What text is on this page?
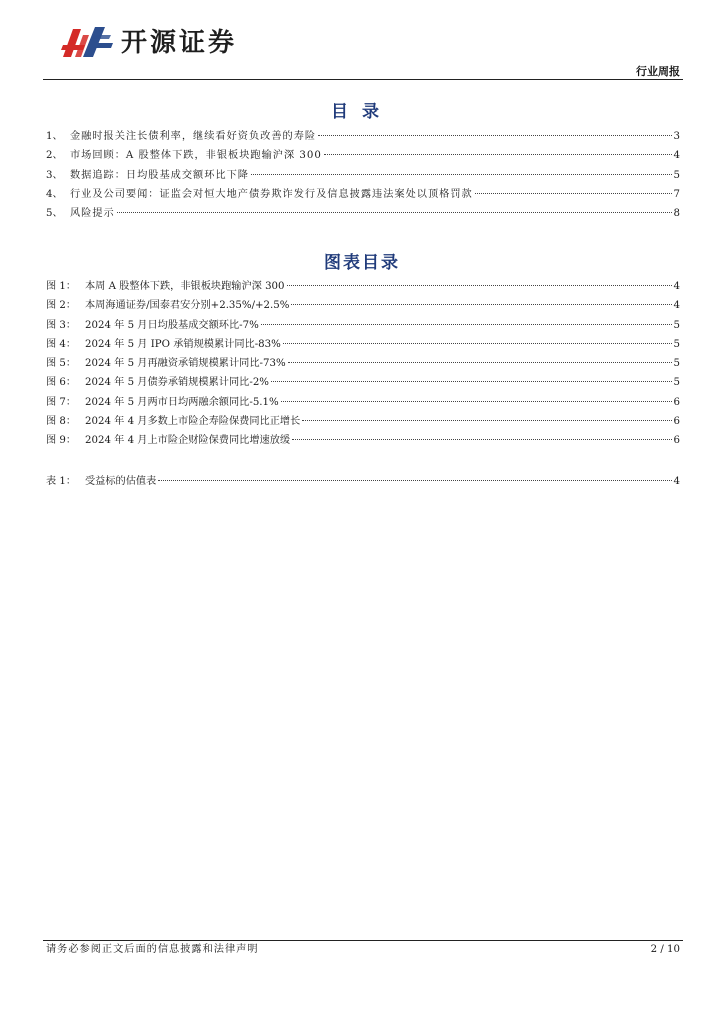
开源证券
行业周报
目录
1、 金融时报关注长债利率，继续看好资负改善的寿险	3
2、 市场回顾：A 股整体下跌，非银板块跑输沪深 300	4
3、 数据追踪：日均股基成交额环比下降	5
4、 行业及公司要闻：证监会对恒大地产债券欺诈发行及信息披露违法案处以顶格罚款	7
5、 风险提示	8
图表目录
图 1： 本周 A 股整体下跌，非银板块跑输沪深 300	4
图 2： 本周海通证券/国泰君安分别+2.35%/+2.5%	4
图 3： 2024 年 5 月日均股基成交额环比-7%	5
图 4： 2024 年 5 月 IPO 承销规模累计同比-83%	5
图 5： 2024 年 5 月再融资承销规模累计同比-73%	5
图 6： 2024 年 5 月债券承销规模累计同比-2%	5
图 7： 2024 年 5 月两市日均两融余额同比-5.1%	6
图 8： 2024 年 4 月多数上市险企寿险保费同比正增长	6
图 9： 2024 年 4 月上市险企财险保费同比增速放缓	6
表 1： 受益标的估值表	4
请务必参阅正文后面的信息披露和法律声明	2 / 10
